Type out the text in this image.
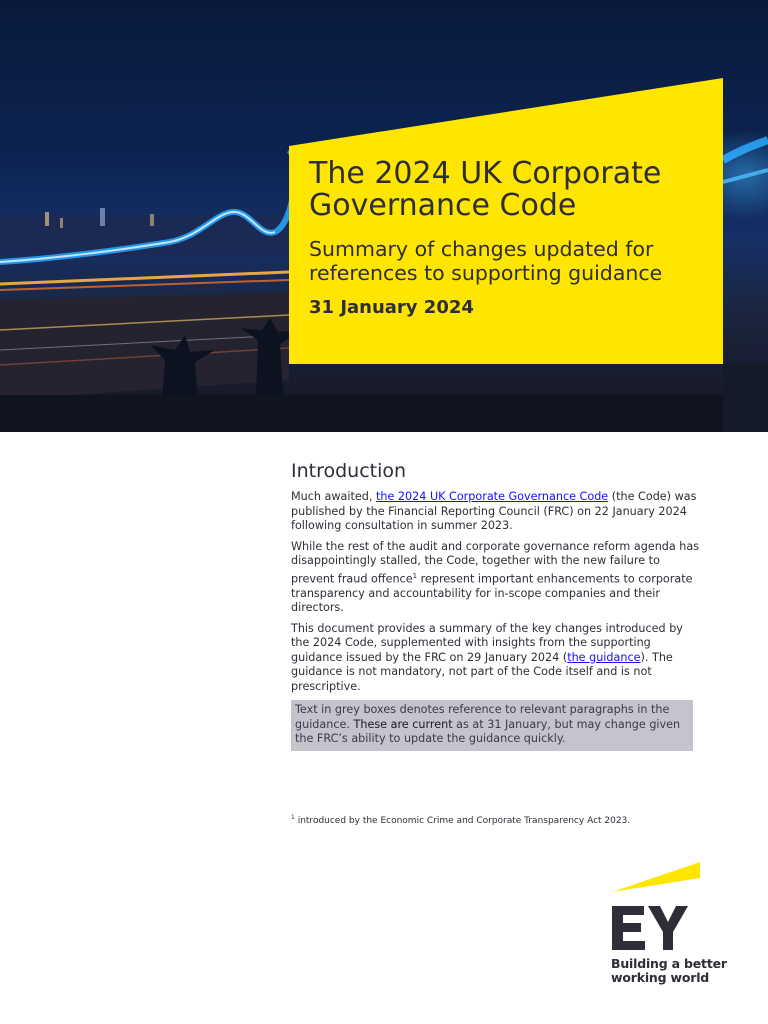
The 2024 UK Corporate Governance Code
Summary of changes updated for references to supporting guidance
31 January 2024
Introduction

Much awaited, the 2024 UK Corporate Governance Code (the Code) was published by the Financial Reporting Council (FRC) on 22 January 2024 following consultation in summer 2023.

While the rest of the audit and corporate governance reform agenda has disappointingly stalled, the Code, together with the new failure to prevent fraud offence$^1$ represent important enhancements to corporate transparency and accountability for in-scope companies and their directors.

This document provides a summary of the key changes introduced by the 2024 Code, supplemented with insights from the supporting guidance issued by the FRC on 29 January 2024 (the guidance). The guidance is not mandatory, not part of the Code itself and is not prescriptive.

Text in grey boxes denotes reference to relevant paragraphs in the guidance. These are current as at 31 January, but may change given the FRC’s ability to update the guidance quickly.
$^1$ introduced by the Economic Crime and Corporate Transparency Act 2023.
Building a better
working world
